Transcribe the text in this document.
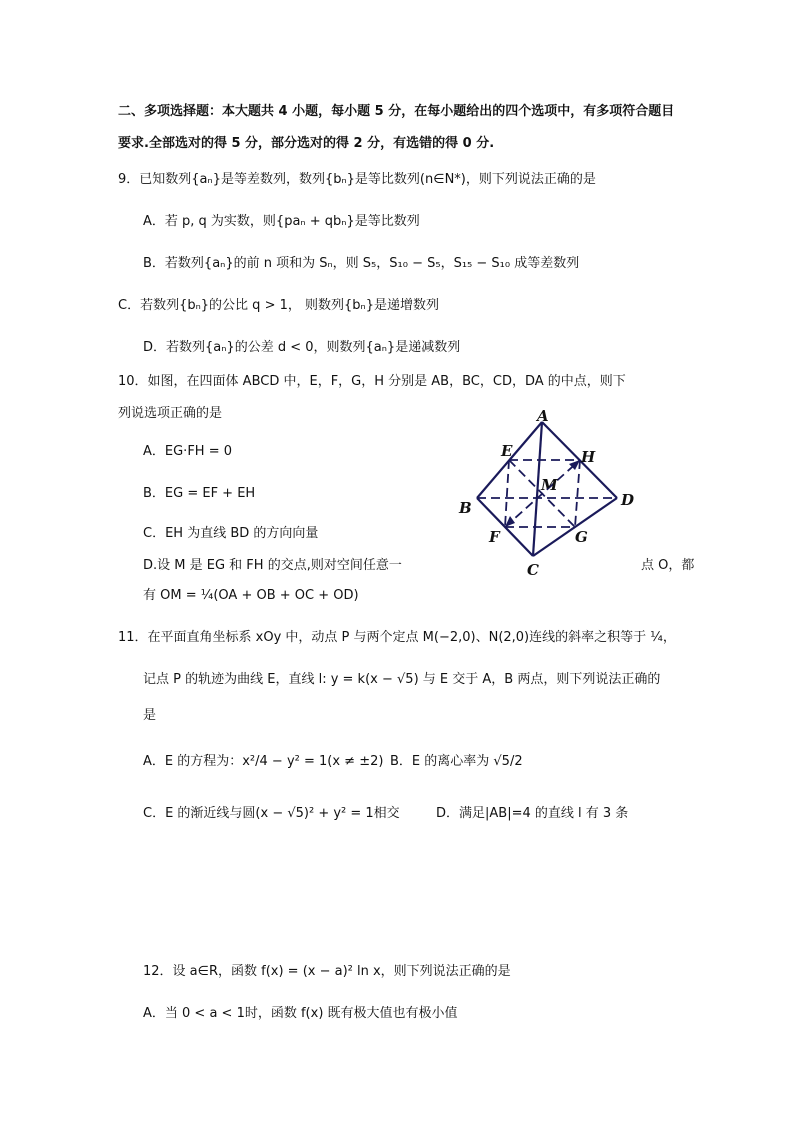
二、多项选择题：本大题共 4 小题，每小题 5 分，在每小题给出的四个选项中，有多项符合题目
要求.全部选对的得 5 分，部分选对的得 2 分，有选错的得 0 分.
9．已知数列{aₙ}是等差数列，数列{bₙ}是等比数列(n∈N*)，则下列说法正确的是
A．若 p, q 为实数，则{paₙ + qbₙ}是等比数列
B．若数列{aₙ}的前 n 项和为 Sₙ，则 S₅，S₁₀ − S₅，S₁₅ − S₁₀ 成等差数列
C．若数列{bₙ}的公比 q > 1， 则数列{bₙ}是递增数列
D．若数列{aₙ}的公差 d < 0，则数列{aₙ}是递减数列
10．如图，在四面体 ABCD 中，E，F，G，H 分别是 AB，BC，CD，DA 的中点，则下
列说选项正确的是
A．EG·FH = 0
B．EG = EF + EH
C．EH 为直线 BD 的方向向量
D.设 M 是 EG 和 FH 的交点,则对空间任意一	点 O，都
有 OM = ¼(OA + OB + OC + OD)
A
B
C
D
E
F	G
H
M
11．在平面直角坐标系 xOy 中，动点 P 与两个定点 M(−2,0)、N(2,0)连线的斜率之积等于 ¼，
记点 P 的轨迹为曲线 E，直线 l: y = k(x − √5) 与 E 交于 A，B 两点，则下列说法正确的
是
A．E 的方程为：x²/4 − y² = 1(x ≠ ±2) B．E 的离心率为 √5/2
C．E 的渐近线与圆(x − √5)² + y² = 1相交	D．满足|AB|=4 的直线 l 有 3 条
12．设 a∈R，函数 f(x) = (x − a)² ln x，则下列说法正确的是
A．当 0 < a < 1时，函数 f(x) 既有极大值也有极小值
